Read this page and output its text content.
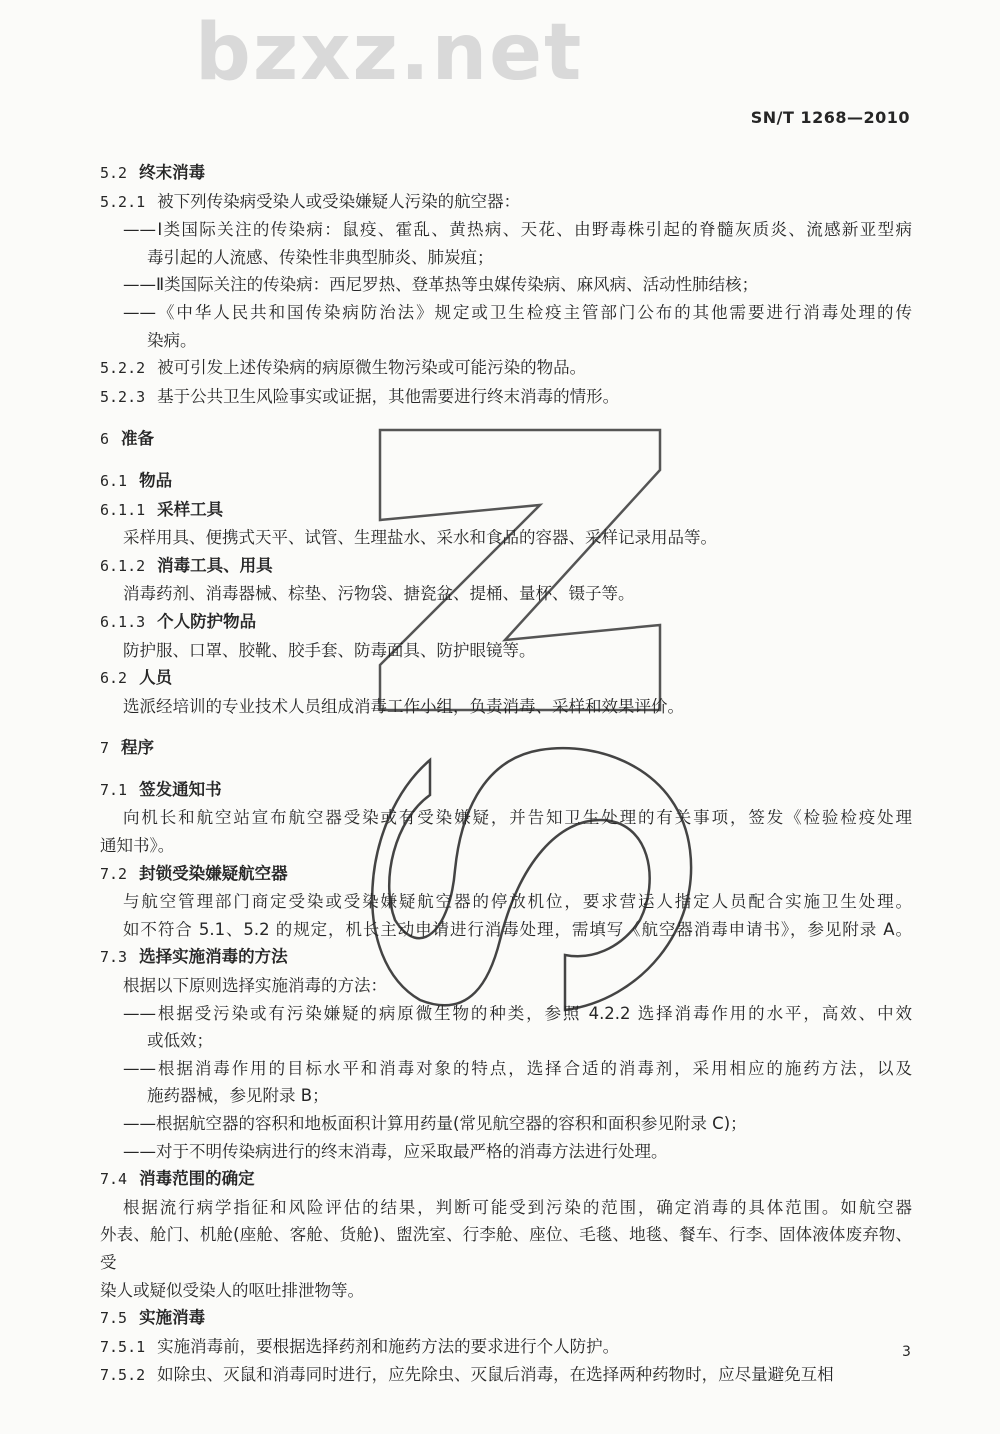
bzxz.net
SN/T 1268—2010
5.2 终末消毒
5.2.1 被下列传染病受染人或受染嫌疑人污染的航空器：
——Ⅰ类国际关注的传染病：鼠疫、霍乱、黄热病、天花、由野毒株引起的脊髓灰质炎、流感新亚型病
毒引起的人流感、传染性非典型肺炎、肺炭疽；
——Ⅱ类国际关注的传染病：西尼罗热、登革热等虫媒传染病、麻风病、活动性肺结核；
——《中华人民共和国传染病防治法》规定或卫生检疫主管部门公布的其他需要进行消毒处理的传
染病。
5.2.2 被可引发上述传染病的病原微生物污染或可能污染的物品。
5.2.3 基于公共卫生风险事实或证据，其他需要进行终末消毒的情形。
6 准备
6.1 物品
6.1.1 采样工具
采样用具、便携式天平、试管、生理盐水、采水和食品的容器、采样记录用品等。
6.1.2 消毒工具、用具
消毒药剂、消毒器械、棕垫、污物袋、搪瓷盆、提桶、量杯、镊子等。
6.1.3 个人防护物品
防护服、口罩、胶靴、胶手套、防毒面具、防护眼镜等。
6.2 人员
选派经培训的专业技术人员组成消毒工作小组，负责消毒、采样和效果评价。
7 程序
7.1 签发通知书
向机长和航空站宣布航空器受染或有受染嫌疑，并告知卫生处理的有关事项，签发《检验检疫处理
通知书》。
7.2 封锁受染嫌疑航空器
与航空管理部门商定受染或受染嫌疑航空器的停放机位，要求营运人指定人员配合实施卫生处理。
如不符合 5.1、5.2 的规定，机长主动申请进行消毒处理，需填写《航空器消毒申请书》，参见附录 A。
7.3 选择实施消毒的方法
根据以下原则选择实施消毒的方法：
——根据受污染或有污染嫌疑的病原微生物的种类，参照 4.2.2 选择消毒作用的水平，高效、中效
或低效；
——根据消毒作用的目标水平和消毒对象的特点，选择合适的消毒剂，采用相应的施药方法，以及
施药器械，参见附录 B；
——根据航空器的容积和地板面积计算用药量(常见航空器的容积和面积参见附录 C)；
——对于不明传染病进行的终末消毒，应采取最严格的消毒方法进行处理。
7.4 消毒范围的确定
根据流行病学指征和风险评估的结果，判断可能受到污染的范围，确定消毒的具体范围。如航空器
外表、舱门、机舱(座舱、客舱、货舱)、盥洗室、行李舱、座位、毛毯、地毯、餐车、行李、固体液体废弃物、受
染人或疑似受染人的呕吐排泄物等。
7.5 实施消毒
7.5.1 实施消毒前，要根据选择药剂和施药方法的要求进行个人防护。
7.5.2 如除虫、灭鼠和消毒同时进行，应先除虫、灭鼠后消毒，在选择两种药物时，应尽量避免互相
3
